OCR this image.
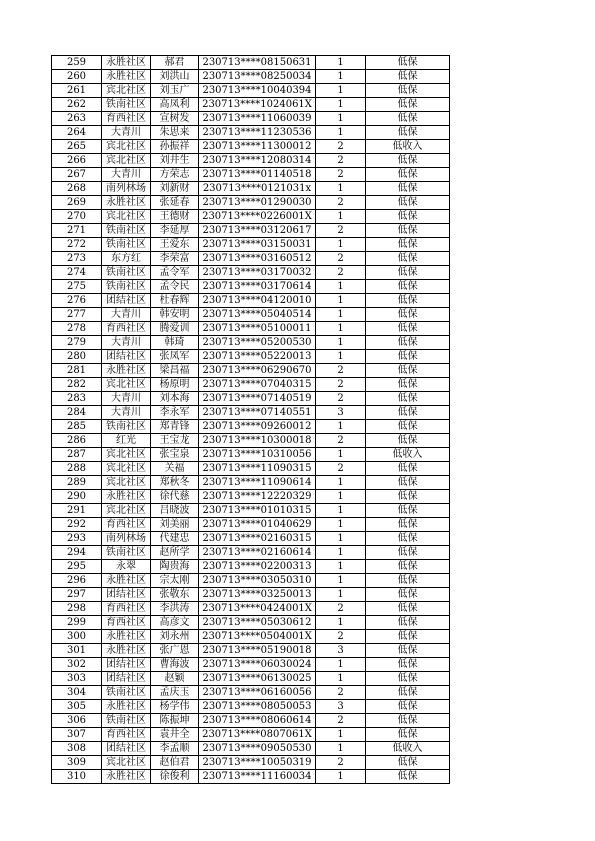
259	永胜社区	郝君	230713****08150631	1	低保
260	永胜社区	刘洪山	230713****08250034	1	低保
261	宾北社区	刘玉广	230713****10040394	1	低保
262	铁南社区	高凤利	230713****1024061X	1	低保
263	育西社区	宣树发	230713****11060039	1	低保
264	大青川	朱思来	230713****11230536	1	低保
265	宾北社区	孙振祥	230713****11300012	2	低收入
266	宾北社区	刘井生	230713****12080314	2	低保
267	大青川	方荣志	230713****01140518	2	低保
268	南列林场	刘新财	230713****0121031x	1	低保
269	永胜社区	张延春	230713****01290030	2	低保
270	宾北社区	王德财	230713****0226001X	1	低保
271	铁南社区	李延厚	230713****03120617	2	低保
272	铁南社区	王爱东	230713****03150031	1	低保
273	东方红	李荣富	230713****03160512	2	低保
274	铁南社区	孟令军	230713****03170032	2	低保
275	铁南社区	孟令民	230713****03170614	1	低保
276	团结社区	杜春辉	230713****04120010	1	低保
277	大青川	韩安明	230713****05040514	1	低保
278	育西社区	腾爱训	230713****05100011	1	低保
279	大青川	韩琦	230713****05200530	1	低保
280	团结社区	张凤军	230713****05220013	1	低保
281	永胜社区	梁昌福	230713****06290670	2	低保
282	宾北社区	杨原明	230713****07040315	2	低保
283	大青川	刘本海	230713****07140519	2	低保
284	大青川	李永军	230713****07140551	3	低保
285	铁南社区	郑青锋	230713****09260012	1	低保
286	红光	王宝龙	230713****10300018	2	低保
287	宾北社区	张宝泉	230713****10310056	1	低收入
288	宾北社区	关福	230713****11090315	2	低保
289	宾北社区	郑秋冬	230713****11090614	1	低保
290	永胜社区	徐代慈	230713****12220329	1	低保
291	宾北社区	吕晓波	230713****01010315	1	低保
292	育西社区	刘美丽	230713****01040629	1	低保
293	南列林场	代建忠	230713****02160315	1	低保
294	铁南社区	赵所学	230713****02160614	1	低保
295	永翠	陶贵海	230713****02200313	1	低保
296	永胜社区	宗太刚	230713****03050310	1	低保
297	团结社区	张敬东	230713****03250013	1	低保
298	育西社区	李洪涛	230713****0424001X	2	低保
299	育西社区	高彦文	230713****05030612	1	低保
300	永胜社区	刘永州	230713****0504001X	2	低保
301	永胜社区	张广恩	230713****05190018	3	低保
302	团结社区	曹海波	230713****06030024	1	低保
303	团结社区	赵颖	230713****06130025	1	低保
304	铁南社区	孟庆玉	230713****06160056	2	低保
305	永胜社区	杨学伟	230713****08050053	3	低保
306	铁南社区	陈振坤	230713****08060614	2	低保
307	育西社区	袁井全	230713****0807061X	1	低保
308	团结社区	李孟顺	230713****09050530	1	低收入
309	宾北社区	赵伯君	230713****10050319	2	低保
310	永胜社区	徐俊利	230713****11160034	1	低保
